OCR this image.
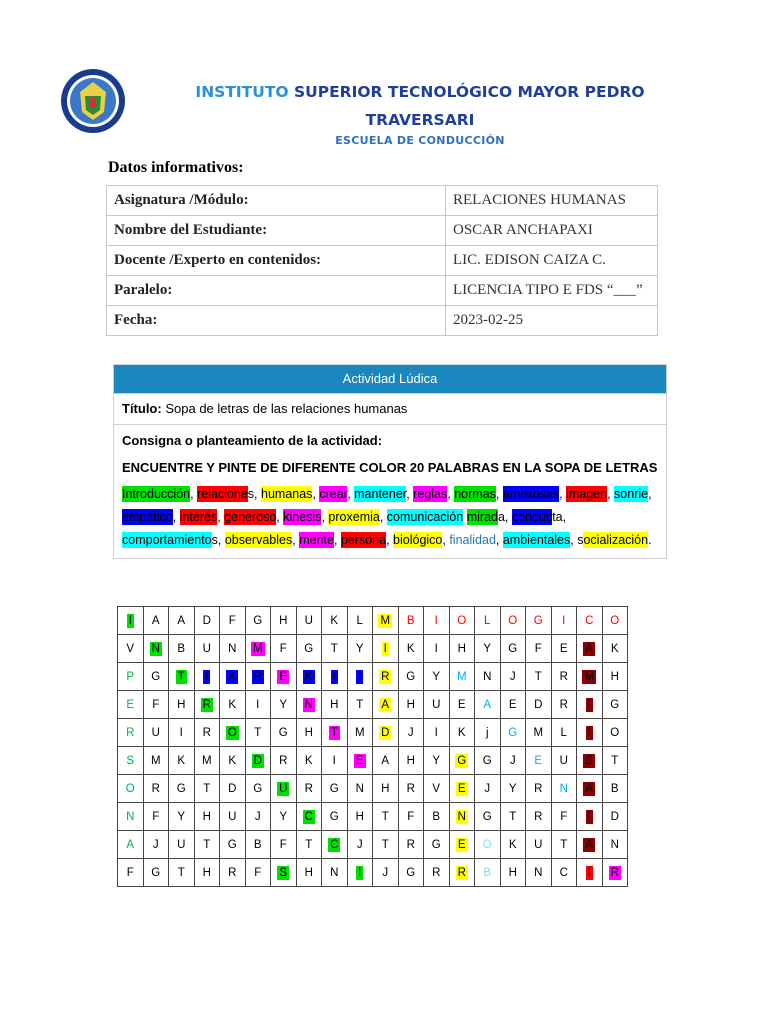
INSTITUTO SUPERIOR TECNOLÓGICO MAYOR PEDRO TRAVERSARI
ESCUELA DE CONDUCCIÓN
Datos informativos:
Asignatura /Módulo:	RELACIONES HUMANAS
Nombre del Estudiante:	OSCAR ANCHAPAXI
Docente /Experto en contenidos:	LIC. EDISON CAIZA C.
Paralelo:	LICENCIA TIPO E FDS “___”
Fecha:	2023-02-25
Actividad Lúdica
Título: Sopa de letras de las relaciones humanas
Consigna o planteamiento de la actividad:
ENCUENTRE Y PINTE DE DIFERENTE COLOR 20 PALABRAS EN LA SOPA DE LETRAS
Introducción, relaciones, humanas, crear, mantener, reglas, normas, amistosas, imagen, sonrie, empático, interés, generoso, kinesis, proxemia, comunicación mirada, conducta, comportamientos, observables, mente, persona, biológico, finalidad, ambientales, socialización.
I	A	A	D	F	G	H	U	K	L	M	B	I	O	L	O	G	I	C	O
V	N	B	U	N	M	F	G	T	Y	I	K	I	H	Y	G	F	E	A	K
P	G	T	I	K	R	E	K	I	I	R	G	Y	M	N	J	T	R	M	H
E	F	H	R	K	I	Y	N	H	T	A	H	U	E	A	E	D	R	I	G
R	U	I	R	O	T	G	H	T	M	D	J	I	K	j	G	M	L	I	O
S	M	K	M	K	D	R	K	I	E	A	H	Y	G	G	J	E	U	S	T
O	R	G	T	D	G	U	R	G	N	H	R	V	E	J	Y	R	N	A	B
N	F	Y	H	U	J	Y	C	G	H	T	F	B	N	G	T	R	F	I	D
A	J	U	T	G	B	F	T	C	J	T	R	G	E	O	K	U	T	A	N
F	G	T	H	R	F	S	H	N	I	J	G	R	R	B	H	N	C	I	R
